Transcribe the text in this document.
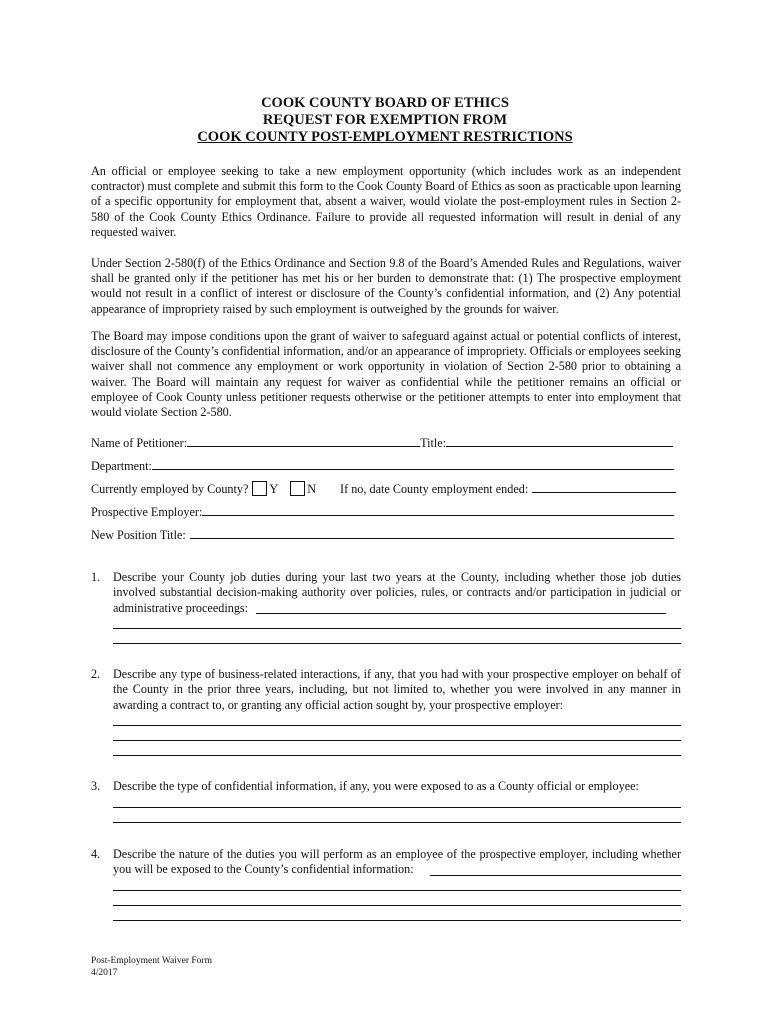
COOK COUNTY BOARD OF ETHICS
REQUEST FOR EXEMPTION FROM
COOK COUNTY POST-EMPLOYMENT RESTRICTIONS
An official or employee seeking to take a new employment opportunity (which includes work as an independent contractor) must complete and submit this form to the Cook County Board of Ethics as soon as practicable upon learning of a specific opportunity for employment that, absent a waiver, would violate the post-employment rules in Section 2-580 of the Cook County Ethics Ordinance. Failure to provide all requested information will result in denial of any requested waiver.
Under Section 2-580(f) of the Ethics Ordinance and Section 9.8 of the Board’s Amended Rules and Regulations, waiver shall be granted only if the petitioner has met his or her burden to demonstrate that: (1) The prospective employment would not result in a conflict of interest or disclosure of the County’s confidential information, and (2) Any potential appearance of impropriety raised by such employment is outweighed by the grounds for waiver.
The Board may impose conditions upon the grant of waiver to safeguard against actual or potential conflicts of interest, disclosure of the County’s confidential information, and/or an appearance of impropriety. Officials or employees seeking waiver shall not commence any employment or work opportunity in violation of Section 2-580 prior to obtaining a waiver. The Board will maintain any request for waiver as confidential while the petitioner remains an official or employee of Cook County unless petitioner requests otherwise or the petitioner attempts to enter into employment that would violate Section 2-580.
Name of Petitioner:	Title:
Department:
Currently employed by County? Y N If no, date County employment ended:
Prospective Employer:
New Position Title:
1. Describe your County job duties during your last two years at the County, including whether those job duties involved substantial decision-making authority over policies, rules, or contracts and/or participation in judicial or administrative proceedings:
2. Describe any type of business-related interactions, if any, that you had with your prospective employer on behalf of the County in the prior three years, including, but not limited to, whether you were involved in any manner in awarding a contract to, or granting any official action sought by, your prospective employer:
3. Describe the type of confidential information, if any, you were exposed to as a County official or employee:
4. Describe the nature of the duties you will perform as an employee of the prospective employer, including whether you will be exposed to the County’s confidential information:
Post-Employment Waiver Form
4/2017
